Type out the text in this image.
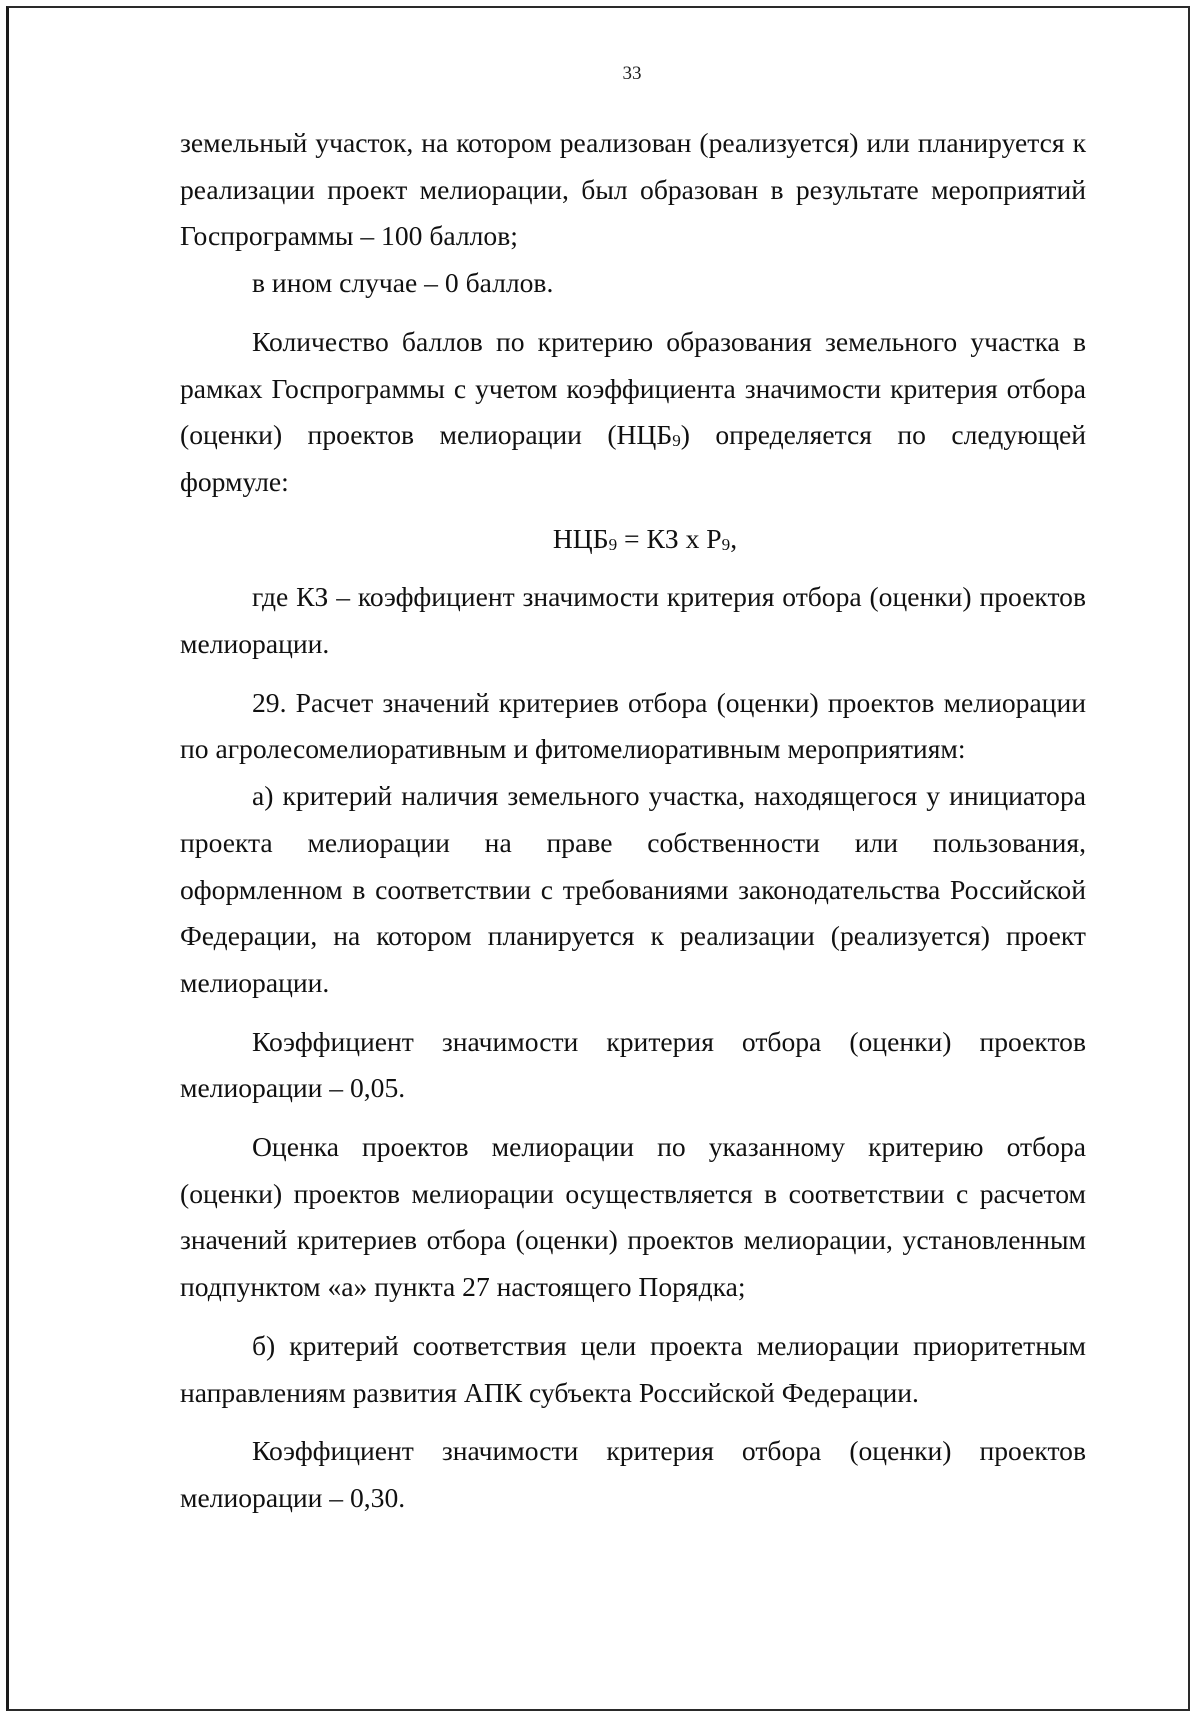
33

земельный участок, на котором реализован (реализуется) или планируется к реализации проект мелиорации, был образован в результате мероприятий Госпрограммы – 100 баллов;

в ином случае – 0 баллов.

Количество баллов по критерию образования земельного участка в рамках Госпрограммы с учетом коэффициента значимости критерия отбора (оценки) проектов мелиорации $(НЦБ_9)$ определяется по следующей формуле:

$НЦБ_9$ = КЗ х $Р_9$,

где КЗ – коэффициент значимости критерия отбора (оценки) проектов мелиорации.

29. Расчет значений критериев отбора (оценки) проектов мелиорации по агролесомелиоративным и фитомелиоративным мероприятиям:

а) критерий наличия земельного участка, находящегося у инициатора проекта мелиорации на праве собственности или пользования, оформленном в соответствии с требованиями законодательства Российской Федерации, на котором планируется к реализации (реализуется) проект мелиорации.

Коэффициент значимости критерия отбора (оценки) проектов мелиорации – 0,05.

Оценка проектов мелиорации по указанному критерию отбора (оценки) проектов мелиорации осуществляется в соответствии с расчетом значений критериев отбора (оценки) проектов мелиорации, установленным подпунктом «а» пункта 27 настоящего Порядка;

б) критерий соответствия цели проекта мелиорации приоритетным направлениям развития АПК субъекта Российской Федерации.

Коэффициент значимости критерия отбора (оценки) проектов мелиорации – 0,30.
